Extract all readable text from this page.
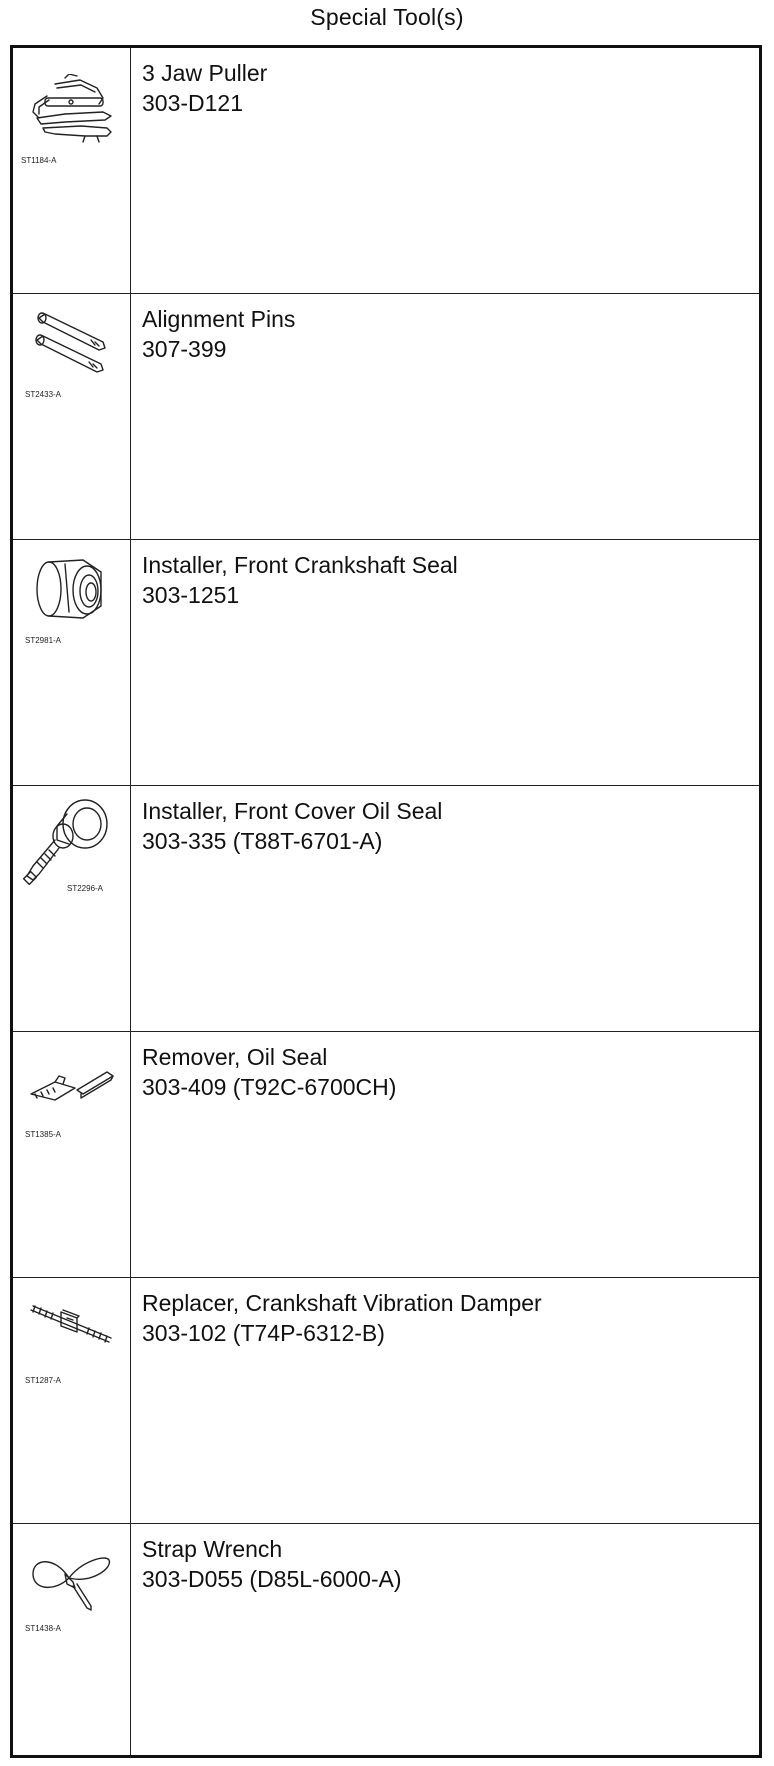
Special Tool(s)
ST1184-A
3 Jaw Puller
303-D121
ST2433-A
Alignment Pins
307-399
ST2981-A
Installer, Front Crankshaft Seal
303-1251
ST2296-A
Installer, Front Cover Oil Seal
303-335 (T88T-6701-A)
ST1385-A
Remover, Oil Seal
303-409 (T92C-6700CH)
ST1287-A
Replacer, Crankshaft Vibration Damper
303-102 (T74P-6312-B)
ST1438-A
Strap Wrench
303-D055 (D85L-6000-A)
